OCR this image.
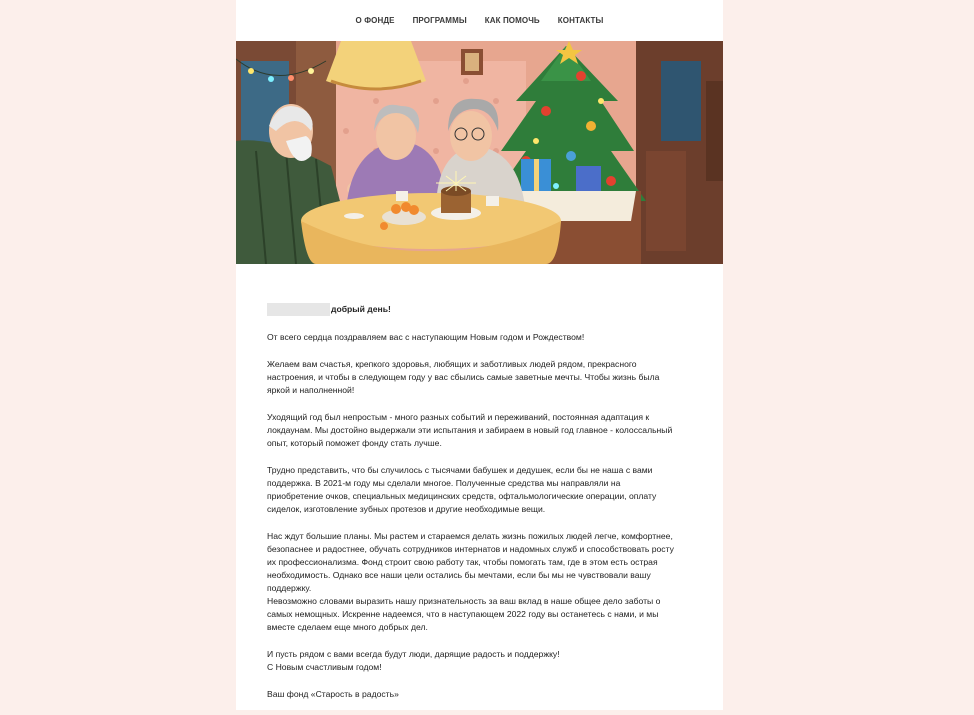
О ФОНДЕ ПРОГРАММЫ КАК ПОМОЧЬ КОНТАКТЫ
добрый день!
От всего сердца поздравляем вас с наступающим Новым годом и Рождеством!
Желаем вам счастья, крепкого здоровья, любящих и заботливых людей рядом, прекрасного
настроения, и чтобы в следующем году у вас сбылись самые заветные мечты. Чтобы жизнь была
яркой и наполненной!
Уходящий год был непростым - много разных событий и переживаний, постоянная адаптация к
локдаунам. Мы достойно выдержали эти испытания и забираем в новый год главное - колоссальный
опыт, который поможет фонду стать лучше.
Трудно представить, что бы случилось с тысячами бабушек и дедушек, если бы не наша с вами
поддержка. В 2021-м году мы сделали многое. Полученные средства мы направляли на
приобретение очков, специальных медицинских средств, офтальмологические операции, оплату
сиделок, изготовление зубных протезов и другие необходимые вещи.
Нас ждут большие планы. Мы растем и стараемся делать жизнь пожилых людей легче, комфортнее,
безопаснее и радостнее, обучать сотрудников интернатов и надомных служб и способствовать росту
их профессионализма. Фонд строит свою работу так, чтобы помогать там, где в этом есть острая
необходимость. Однако все наши цели остались бы мечтами, если бы мы не чувствовали вашу
поддержку.
Невозможно словами выразить нашу признательность за ваш вклад в наше общее дело заботы о
самых немощных. Искренне надеемся, что в наступающем 2022 году вы останетесь с нами, и мы
вместе сделаем еще много добрых дел.
И пусть рядом с вами всегда будут люди, дарящие радость и поддержку!
С Новым счастливым годом!
Ваш фонд «Старость в радость»
